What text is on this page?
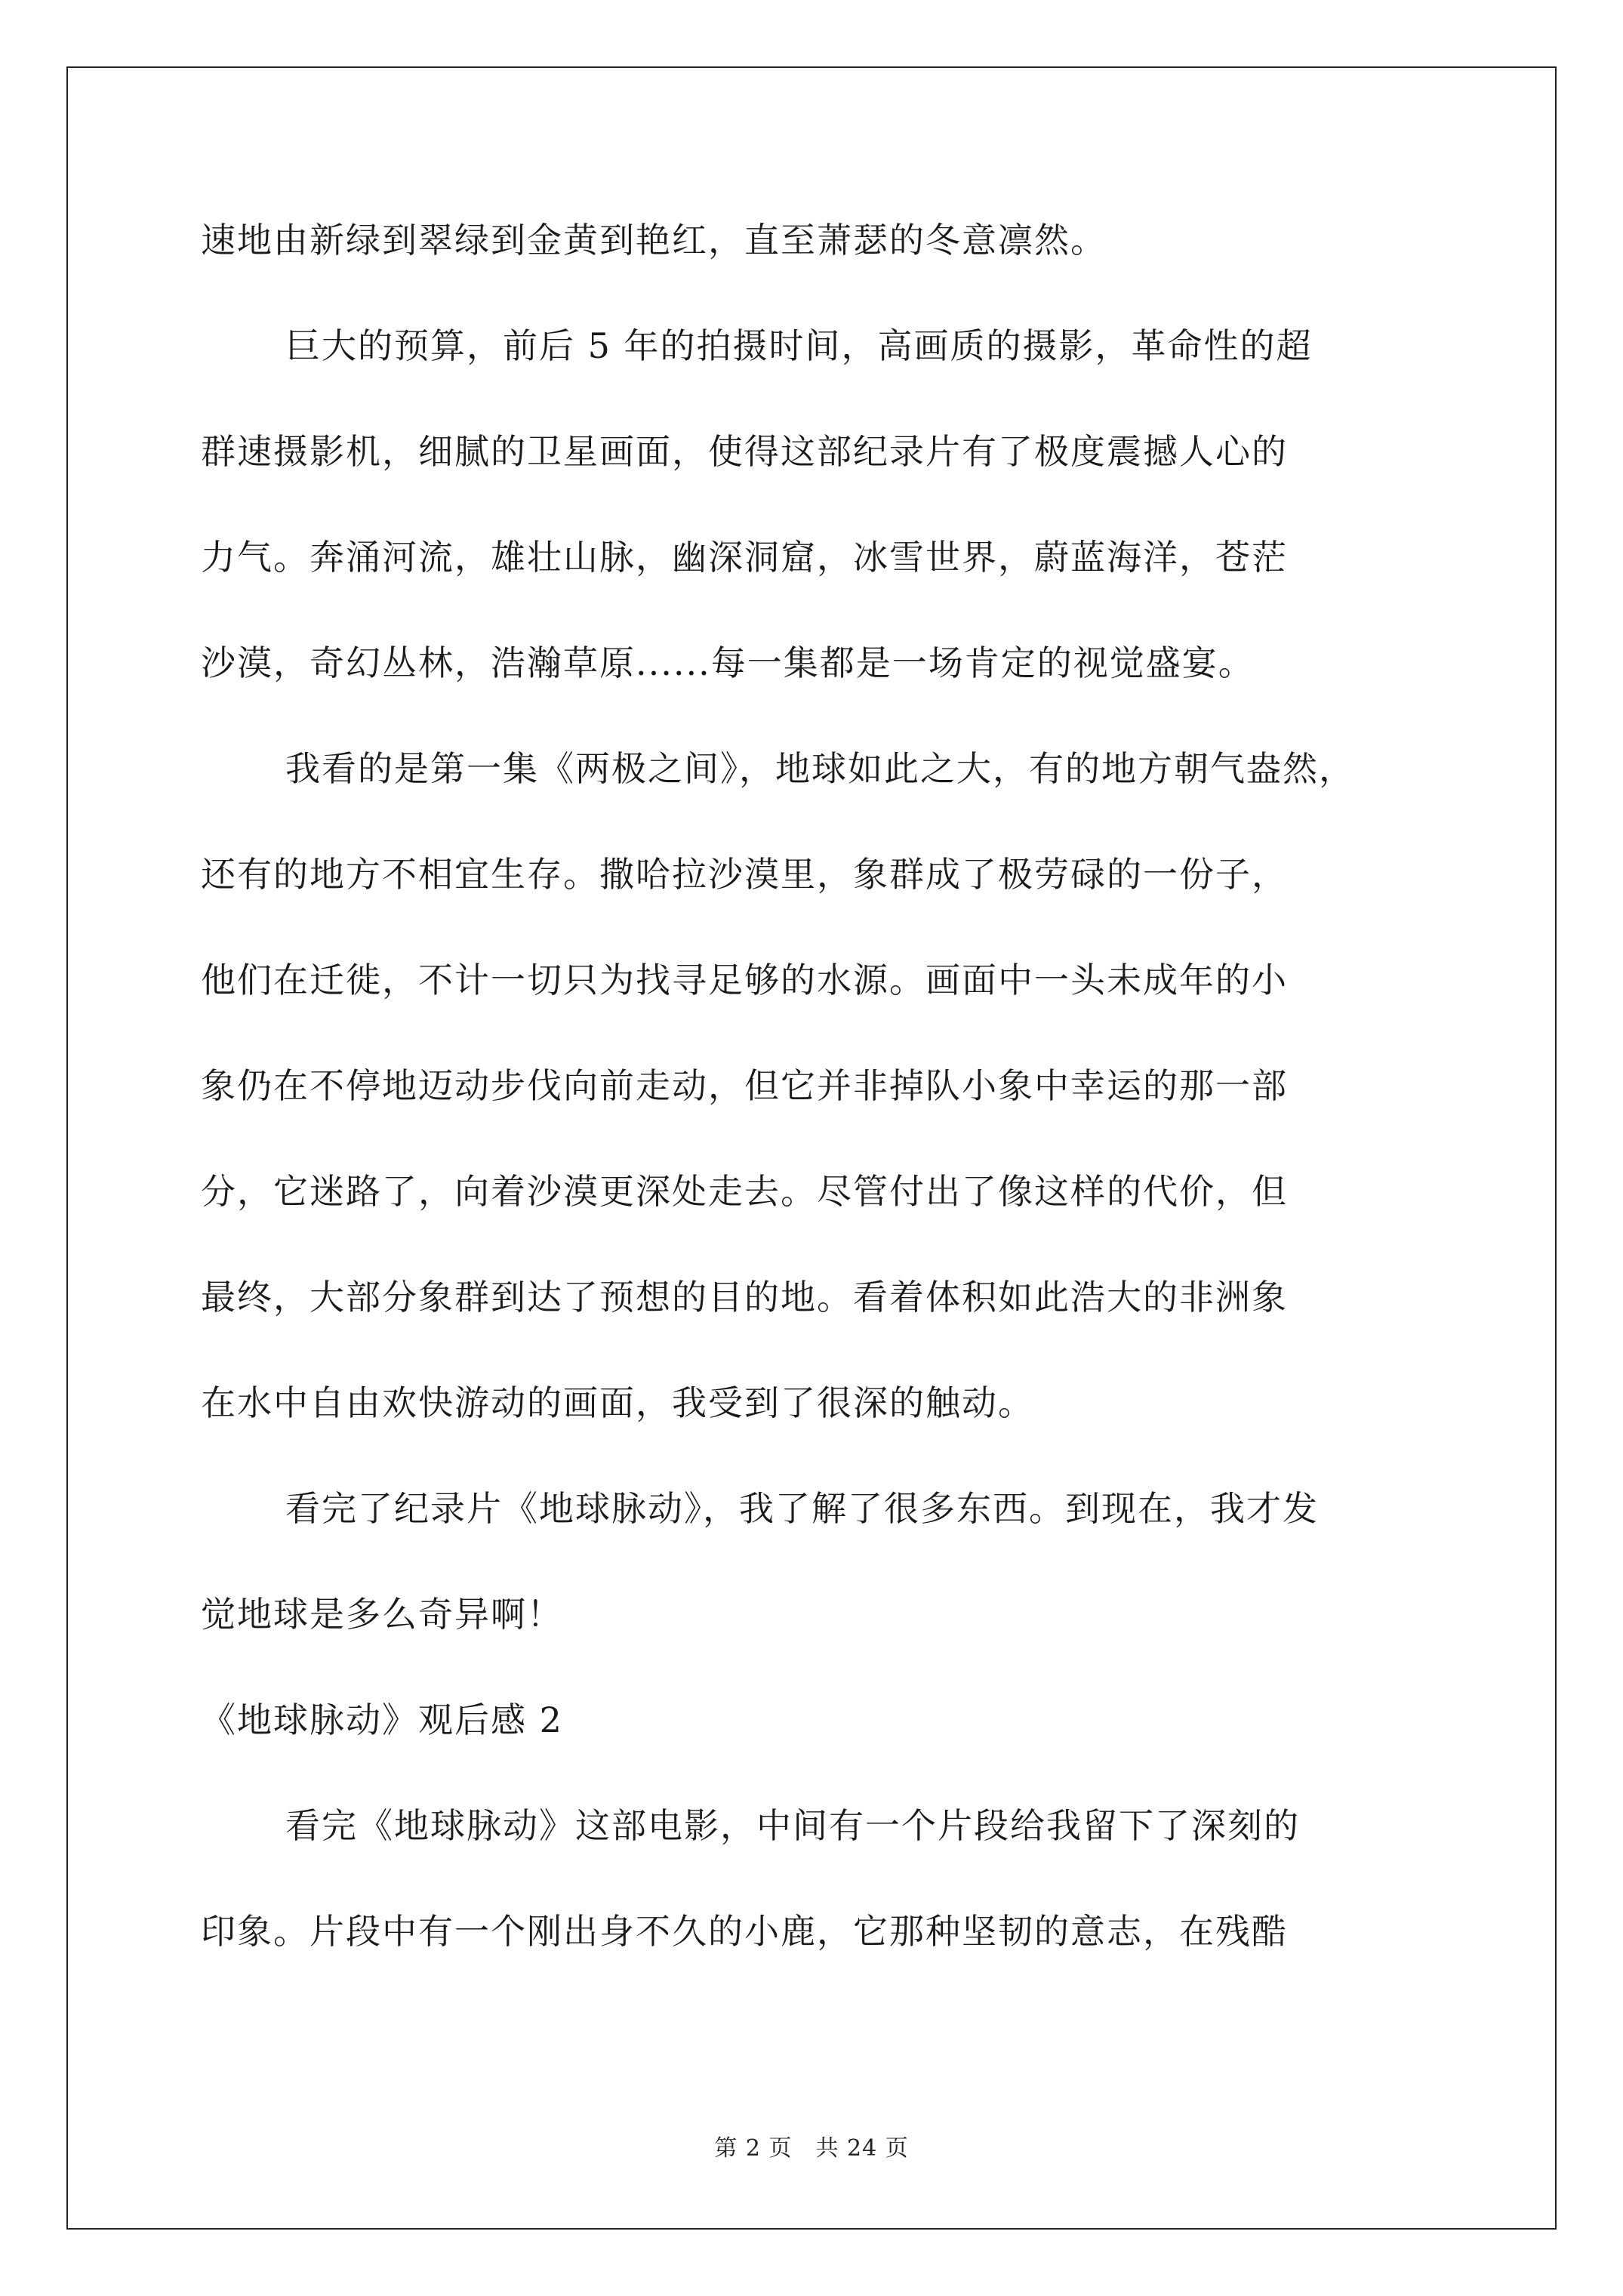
速地由新绿到翠绿到金黄到艳红，直至萧瑟的冬意凛然。
巨大的预算，前后 5 年的拍摄时间，高画质的摄影，革命性的超
群速摄影机，细腻的卫星画面，使得这部纪录片有了极度震撼人心的
力气。奔涌河流，雄壮山脉，幽深洞窟，冰雪世界，蔚蓝海洋，苍茫
沙漠，奇幻丛林，浩瀚草原......每一集都是一场肯定的视觉盛宴。
我看的是第一集《两极之间》，地球如此之大，有的地方朝气盎然，
还有的地方不相宜生存。撒哈拉沙漠里，象群成了极劳碌的一份子，
他们在迁徙，不计一切只为找寻足够的水源。画面中一头未成年的小
象仍在不停地迈动步伐向前走动，但它并非掉队小象中幸运的那一部
分，它迷路了，向着沙漠更深处走去。尽管付出了像这样的代价，但
最终，大部分象群到达了预想的目的地。看着体积如此浩大的非洲象
在水中自由欢快游动的画面，我受到了很深的触动。
看完了纪录片《地球脉动》，我了解了很多东西。到现在，我才发
觉地球是多么奇异啊！
《地球脉动》观后感 2
看完《地球脉动》这部电影，中间有一个片段给我留下了深刻的
印象。片段中有一个刚出身不久的小鹿，它那种坚韧的意志，在残酷
第 2 页　共 24 页
